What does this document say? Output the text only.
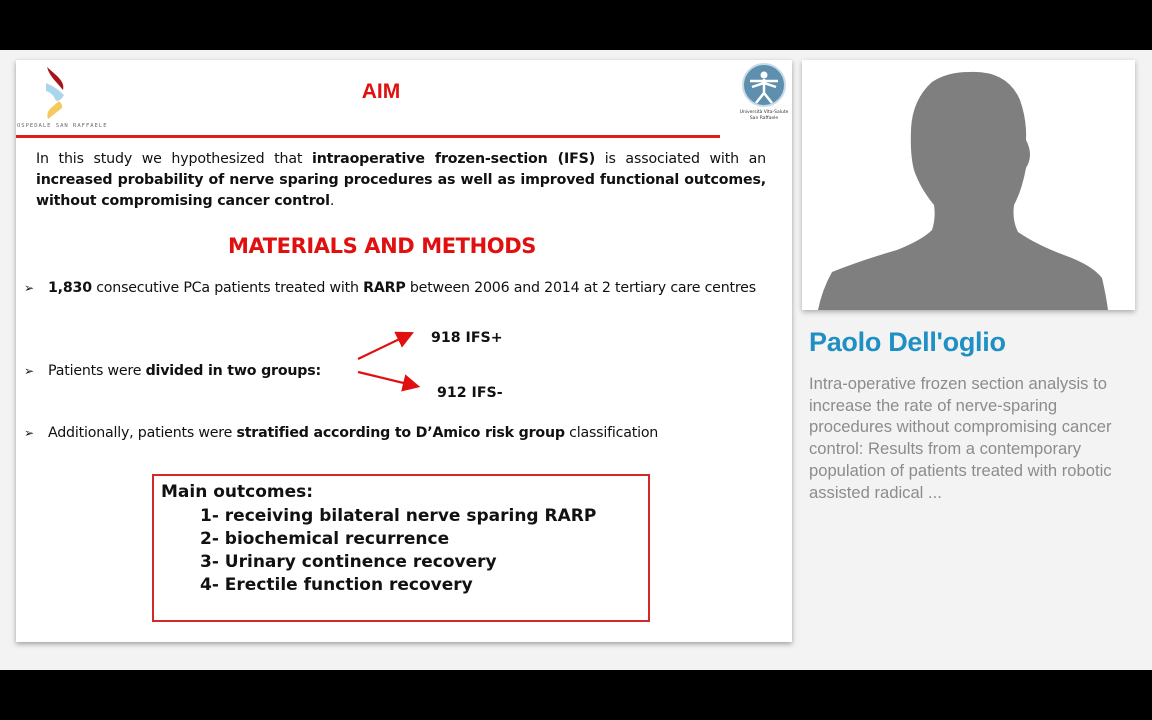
OSPEDALE SAN RAFFAELE
Università Vita-Salute
San Raffaele
AIM

In this study we hypothesized that intraoperative frozen-section (IFS) is associated with an increased probability of nerve sparing procedures as well as improved functional outcomes, without compromising cancer control.

MATERIALS AND METHODS
➢ 1,830 consecutive PCa patients treated with RARP between 2006 and 2014 at 2 tertiary care centres
➢ Patients were divided in two groups:
918 IFS+
912 IFS-
➢ Additionally, patients were stratified according to D’Amico risk group classification
Main outcomes:
1- receiving bilateral nerve sparing RARP
2- biochemical recurrence
3- Urinary continence recovery
4- Erectile function recovery
Paolo Dell'oglio
Intra-operative frozen section analysis to increase the rate of nerve-sparing procedures without compromising cancer control: Results from a contemporary population of patients treated with robotic assisted radical ...
